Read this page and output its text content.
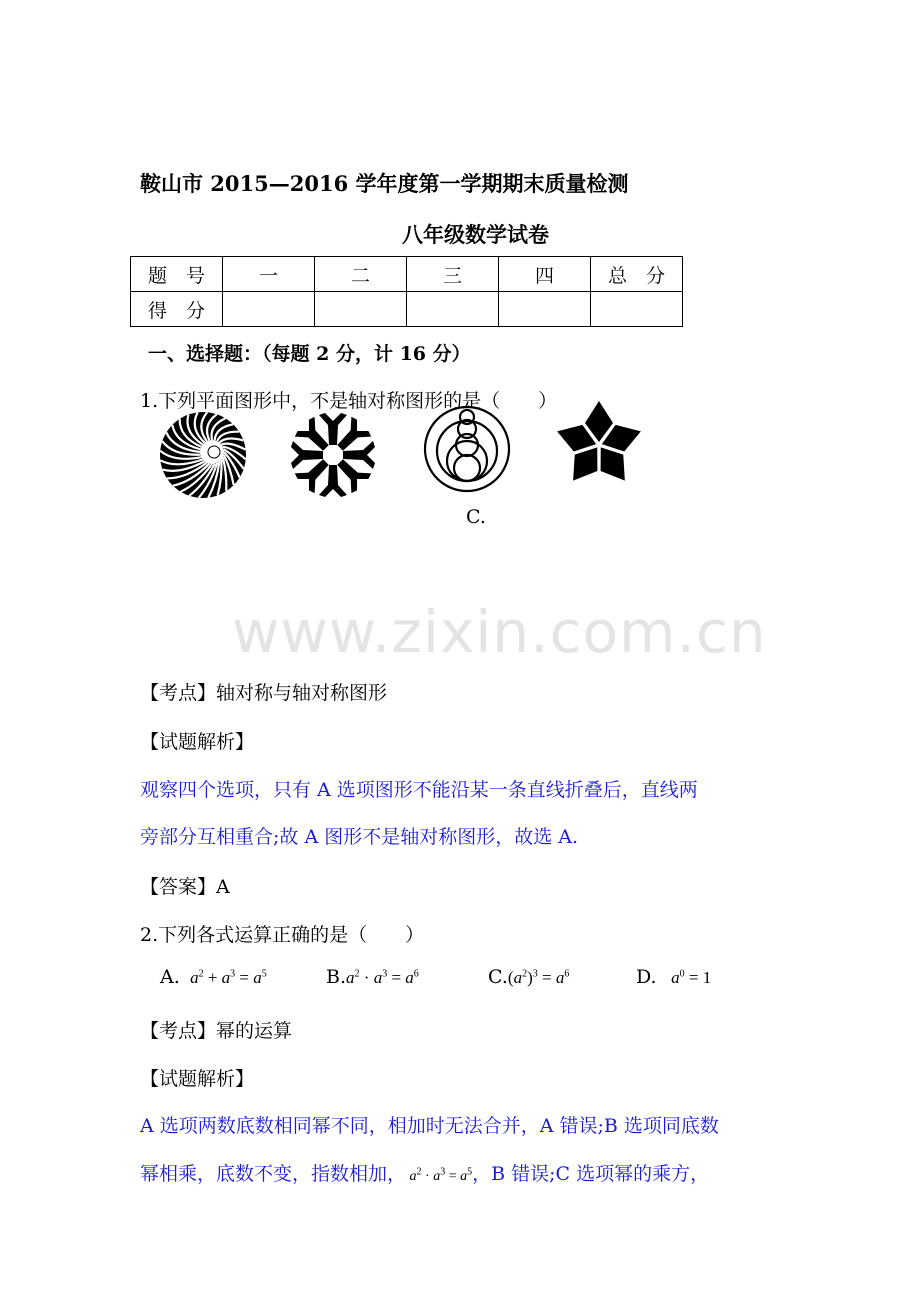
鞍山市 2015—2016 学年度第一学期期末质量检测
八年级数学试卷
题　号	一	二	三	四	总　分
得　分					
一、选择题：（每题 2 分，计 16 分）
1.下列平面图形中，不是轴对称图形的是（　　）
C.
www.zixin.com.cn
【考点】轴对称与轴对称图形
【试题解析】
观察四个选项，只有 A 选项图形不能沿某一条直线折叠后，直线两
旁部分互相重合;故 A 图形不是轴对称图形，故选 A.
【答案】A
2.下列各式运算正确的是（　　）
A.  $a^2 + a^3 = a^5$	$B.a^2 \cdot a^3 = a^6$	$C.(a^2)^3 = a^6$	D.   $a^0 = 1$
【考点】幂的运算
【试题解析】
A 选项两数底数相同幂不同，相加时无法合并，A 错误;B 选项同底数
幂相乘，底数不变，指数相加， $a^2 \cdot a^3 = a^5$，B 错误;C 选项幂的乘方，
